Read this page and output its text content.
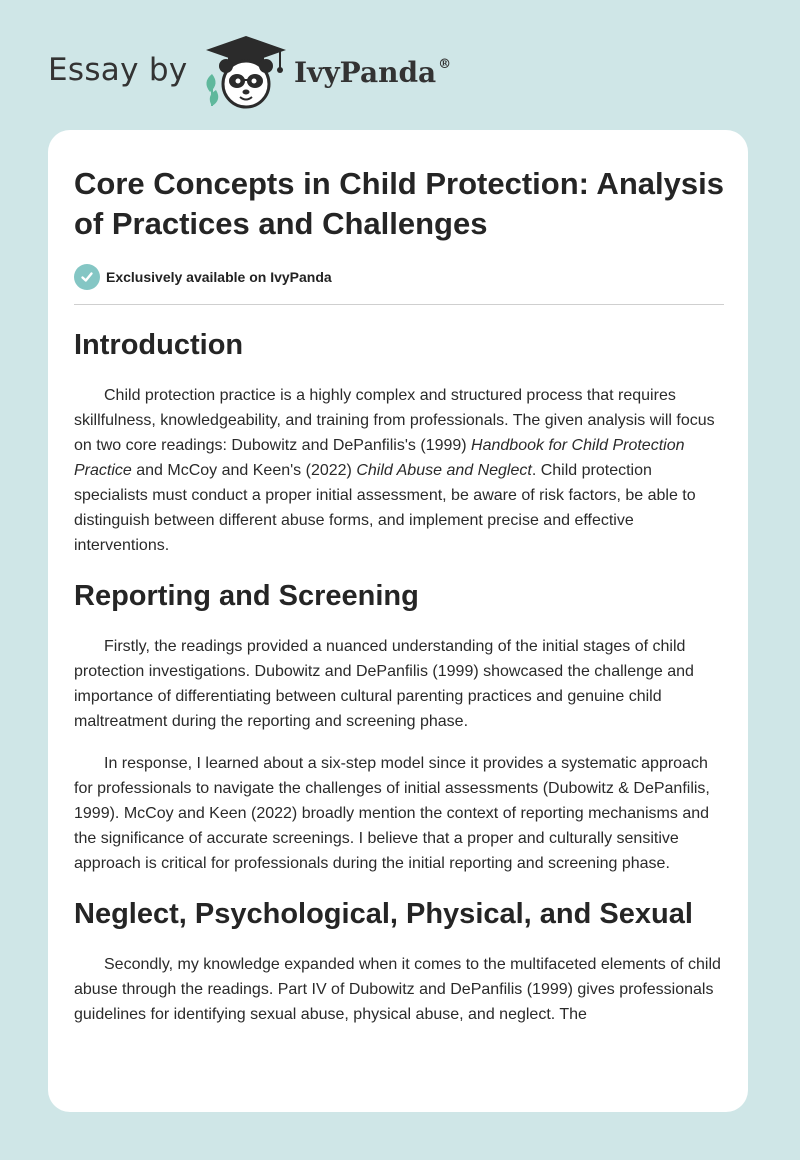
Essay by	IvyPanda ®
Core Concepts in Child Protection: Analysis of Practices and Challenges
Exclusively available on IvyPanda
Introduction

Child protection practice is a highly complex and structured process that requires skillfulness, knowledgeability, and training from professionals. The given analysis will focus on two core readings: Dubowitz and DePanfilis's (1999) Handbook for Child Protection Practice and McCoy and Keen's (2022) Child Abuse and Neglect. Child protection specialists must conduct a proper initial assessment, be aware of risk factors, be able to distinguish between different abuse forms, and implement precise and effective interventions.

Reporting and Screening

Firstly, the readings provided a nuanced understanding of the initial stages of child protection investigations. Dubowitz and DePanfilis (1999) showcased the challenge and importance of differentiating between cultural parenting practices and genuine child maltreatment during the reporting and screening phase.

In response, I learned about a six-step model since it provides a systematic approach for professionals to navigate the challenges of initial assessments (Dubowitz & DePanfilis, 1999). McCoy and Keen (2022) broadly mention the context of reporting mechanisms and the significance of accurate screenings. I believe that a proper and culturally sensitive approach is critical for professionals during the initial reporting and screening phase.

Neglect, Psychological, Physical, and Sexual

Secondly, my knowledge expanded when it comes to the multifaceted elements of child abuse through the readings. Part IV of Dubowitz and DePanfilis (1999) gives professionals guidelines for identifying sexual abuse, physical abuse, and neglect. The
